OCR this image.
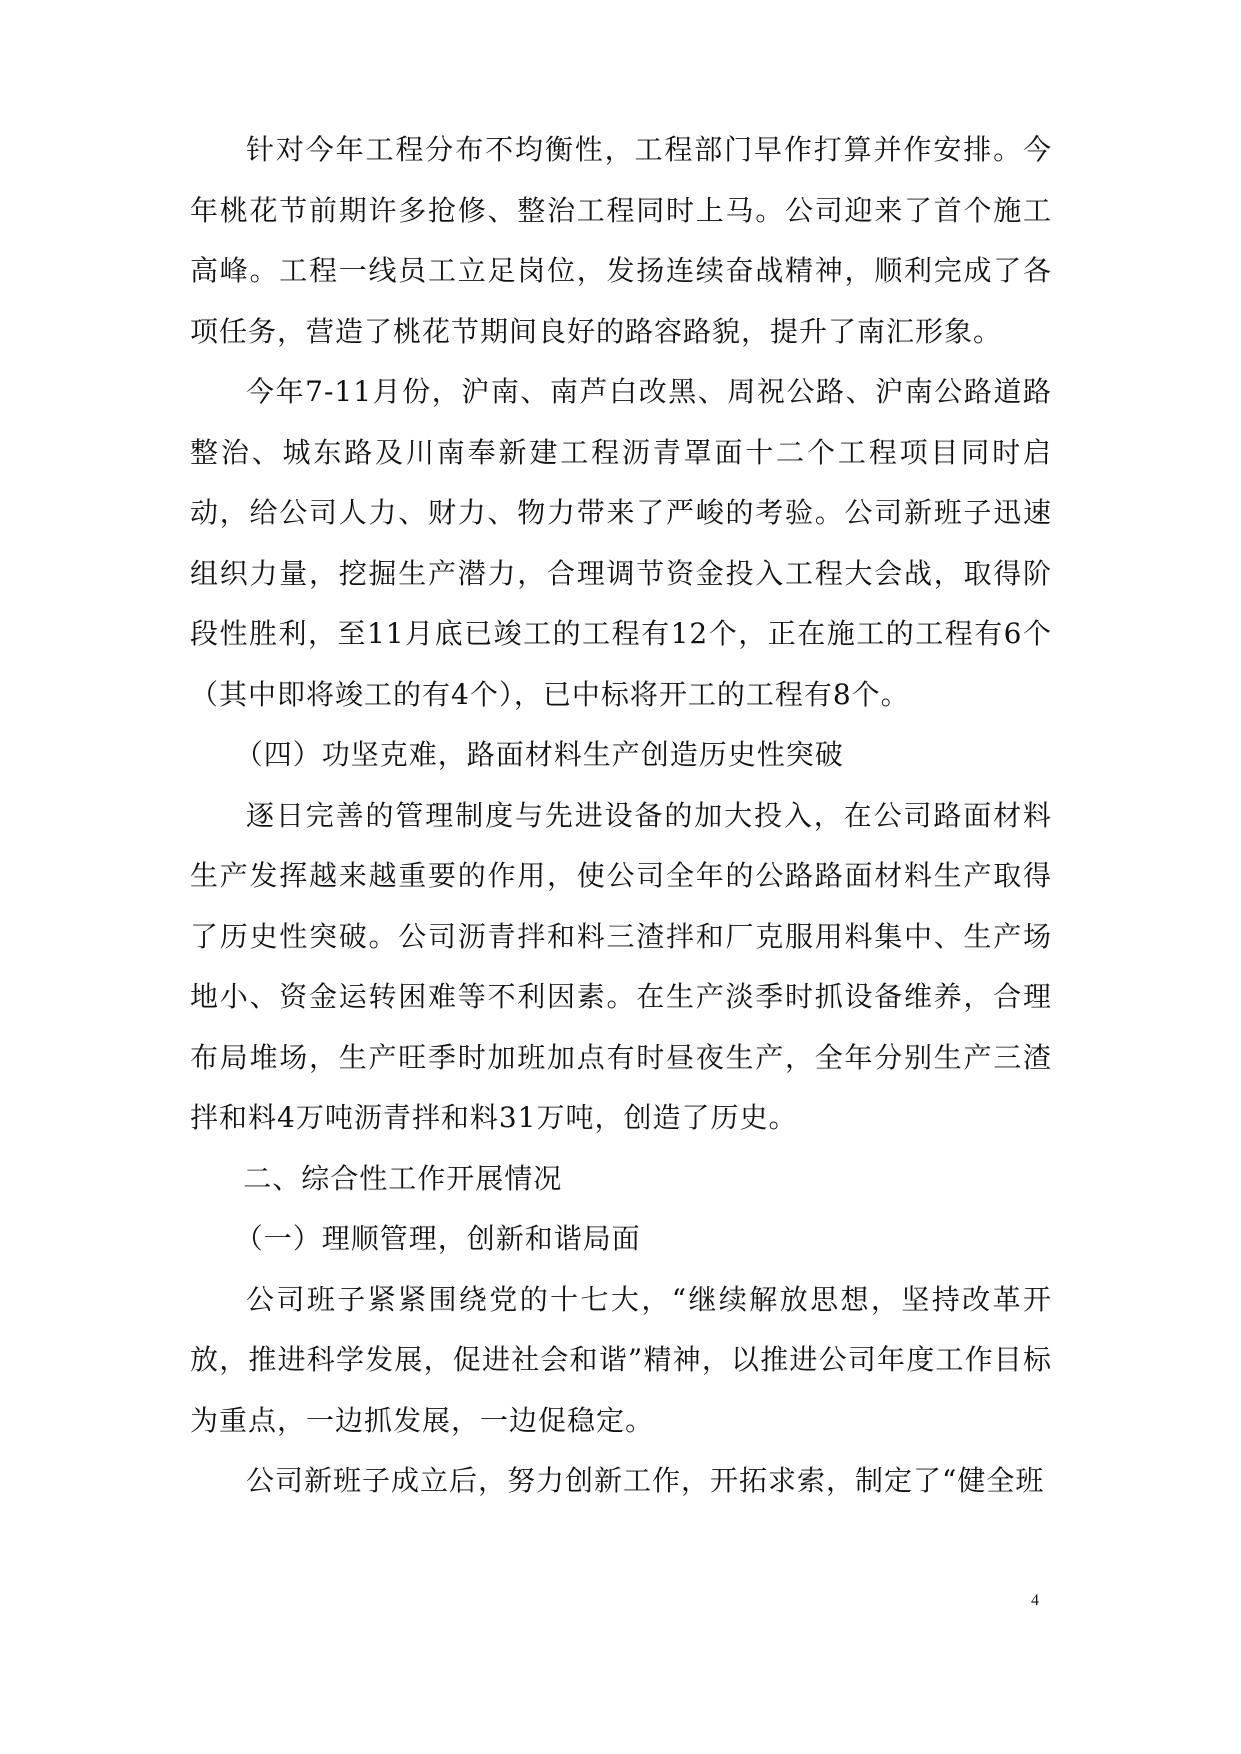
针对今年工程分布不均衡性，工程部门早作打算并作安排。今年桃花节前期许多抢修、整治工程同时上马。公司迎来了首个施工高峰。工程一线员工立足岗位，发扬连续奋战精神，顺利完成了各项任务，营造了桃花节期间良好的路容路貌，提升了南汇形象。

今年7-11月份，沪南、南芦白改黑、周祝公路、沪南公路道路整治、城东路及川南奉新建工程沥青罩面十二个工程项目同时启动，给公司人力、财力、物力带来了严峻的考验。公司新班子迅速组织力量，挖掘生产潜力，合理调节资金投入工程大会战，取得阶段性胜利，至11月底已竣工的工程有12个，正在施工的工程有6个（其中即将竣工的有4个），已中标将开工的工程有8个。

（四）功坚克难，路面材料生产创造历史性突破

逐日完善的管理制度与先进设备的加大投入，在公司路面材料生产发挥越来越重要的作用，使公司全年的公路路面材料生产取得了历史性突破。公司沥青拌和料三渣拌和厂克服用料集中、生产场地小、资金运转困难等不利因素。在生产淡季时抓设备维养，合理布局堆场，生产旺季时加班加点有时昼夜生产，全年分别生产三渣拌和料4万吨沥青拌和料31万吨，创造了历史。

二、综合性工作开展情况

（一）理顺管理，创新和谐局面

公司班子紧紧围绕党的十七大，“继续解放思想，坚持改革开放，推进科学发展，促进社会和谐”精神，以推进公司年度工作目标为重点，一边抓发展，一边促稳定。

公司新班子成立后，努力创新工作，开拓求索，制定了“健全班

4
